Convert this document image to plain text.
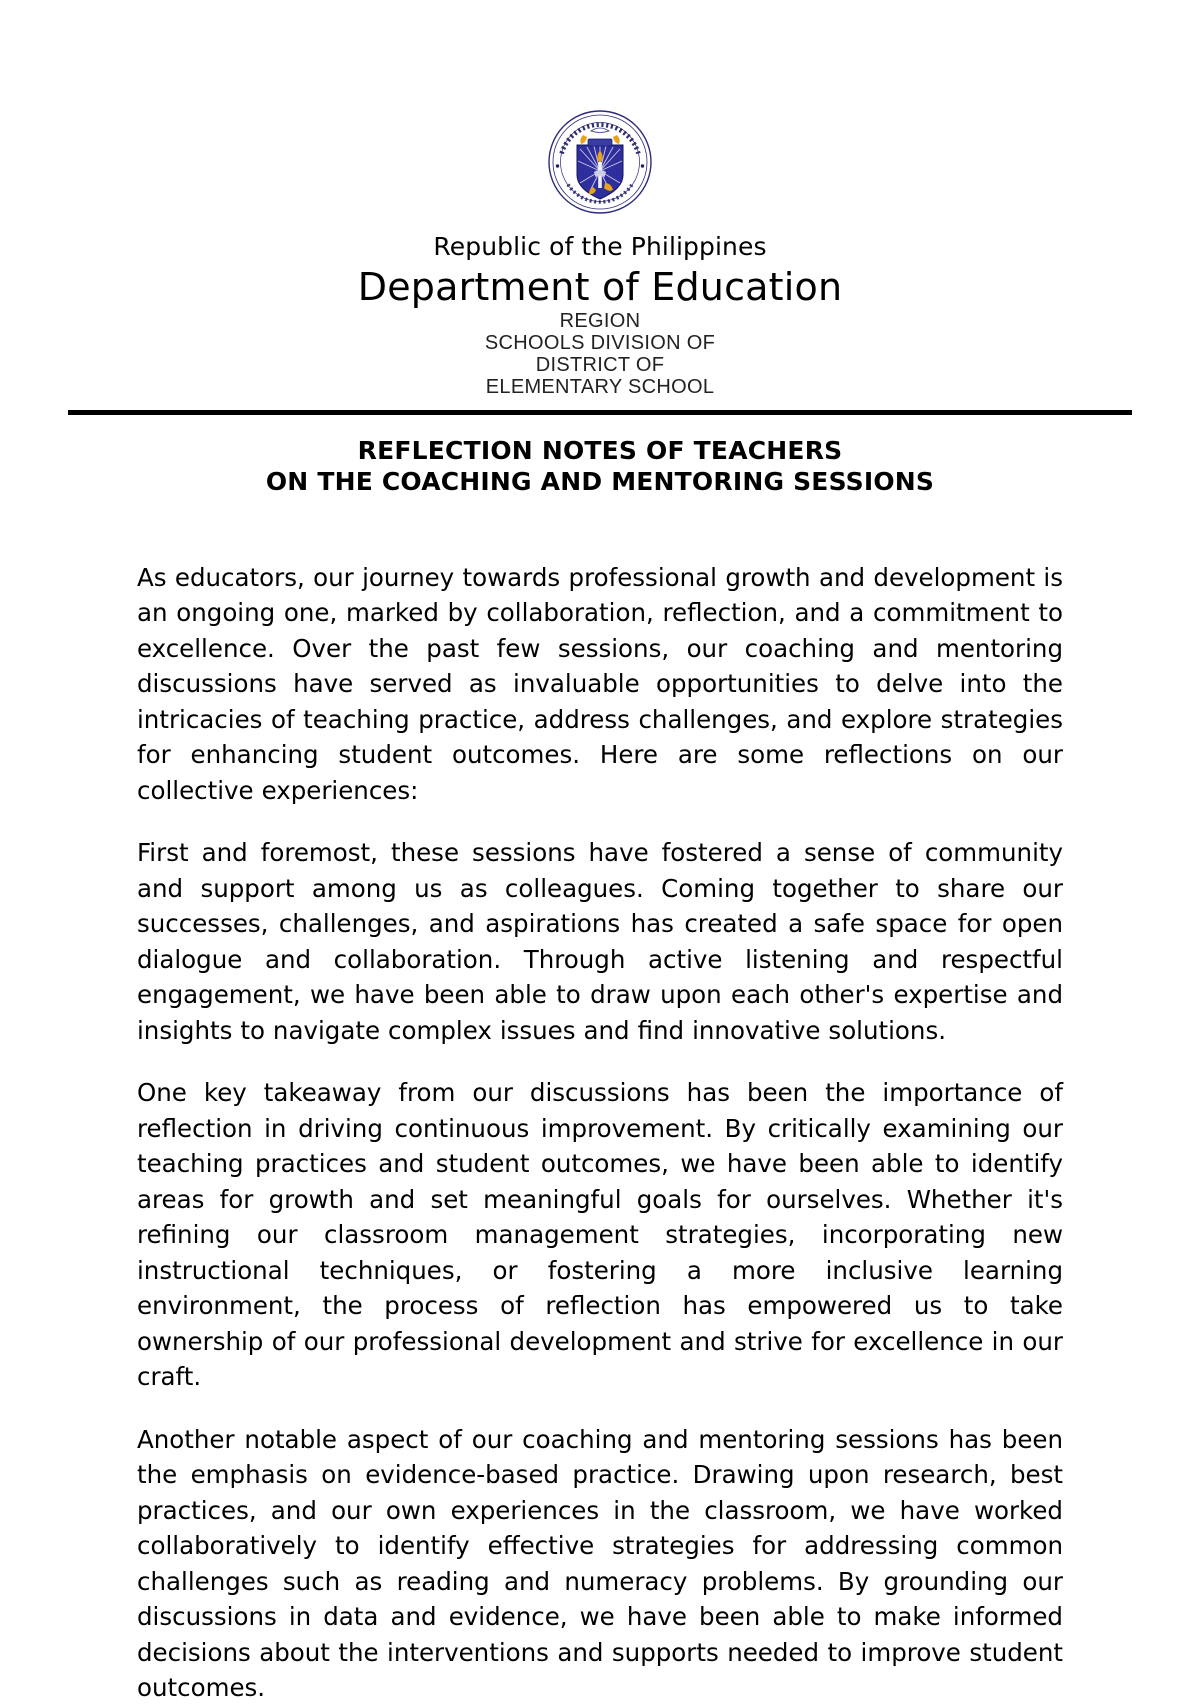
Republic of the Philippines
Department of Education
REGION
SCHOOLS DIVISION OF
DISTRICT OF
ELEMENTARY SCHOOL
REFLECTION NOTES OF TEACHERS
ON THE COACHING AND MENTORING SESSIONS

As educators, our journey towards professional growth and development is an ongoing one, marked by collaboration, reflection, and a commitment to excellence. Over the past few sessions, our coaching and mentoring discussions have served as invaluable opportunities to delve into the intricacies of teaching practice, address challenges, and explore strategies for enhancing student outcomes. Here are some reflections on our collective experiences:

First and foremost, these sessions have fostered a sense of community and support among us as colleagues. Coming together to share our successes, challenges, and aspirations has created a safe space for open dialogue and collaboration. Through active listening and respectful engagement, we have been able to draw upon each other's expertise and insights to navigate complex issues and find innovative solutions.

One key takeaway from our discussions has been the importance of reflection in driving continuous improvement. By critically examining our teaching practices and student outcomes, we have been able to identify areas for growth and set meaningful goals for ourselves. Whether it's refining our classroom management strategies, incorporating new instructional techniques, or fostering a more inclusive learning environment, the process of reflection has empowered us to take ownership of our professional development and strive for excellence in our craft.

Another notable aspect of our coaching and mentoring sessions has been the emphasis on evidence-based practice. Drawing upon research, best practices, and our own experiences in the classroom, we have worked collaboratively to identify effective strategies for addressing common challenges such as reading and numeracy problems. By grounding our discussions in data and evidence, we have been able to make informed decisions about the interventions and supports needed to improve student outcomes.
